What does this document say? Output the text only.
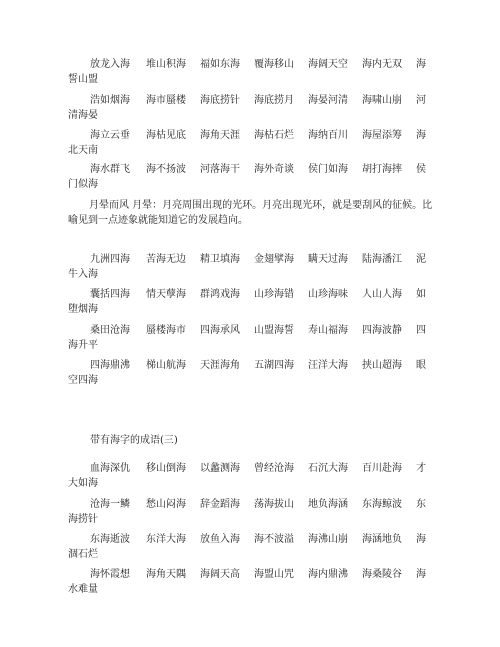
放龙入海 堆山积海 福如东海 覆海移山 海阔天空 海内无双 海
誓山盟
浩如烟海 海市蜃楼 海底捞针 海底捞月 海晏河清 海啸山崩 河
清海晏
海立云垂 海枯见底 海角天涯 海枯石烂 海纳百川 海屋添筹 海
北天南
海水群飞 海不扬波 河落海干 海外奇谈 侯门如海 胡打海摔 侯
门似海
九洲四海 苦海无边 精卫填海 金翅擘海 瞒天过海 陆海潘江 泥
牛入海
囊括四海 情天孽海 群鸿戏海 山珍海错 山珍海味 人山人海 如
堕烟海
桑田沧海 蜃楼海市 四海承风 山盟海誓 寿山福海 四海波静 四
海升平
四海鼎沸 梯山航海 天涯海角 五湖四海 汪洋大海 挟山超海 眼
空四海
血海深仇 移山倒海 以蠡测海 曾经沧海 石沉大海 百川赴海 才
大如海
沧海一鳞 愁山闷海 辞金蹈海 荡海拔山 地负海涵 东海鲸波 东
海捞针
东海逝波 东洋大海 放鱼入海 海不波溢 海沸山崩 海涵地负 海
涸石烂
海怀霞想 海角天隅 海阔天高 海盟山咒 海内鼎沸 海桑陵谷 海
水难量
月晕而风 月晕：月亮周围出现的光环。月亮出现光环，就是要刮风的征候。比喻见到一点迹象就能知道它的发展趋向。
带有海字的成语(三)
